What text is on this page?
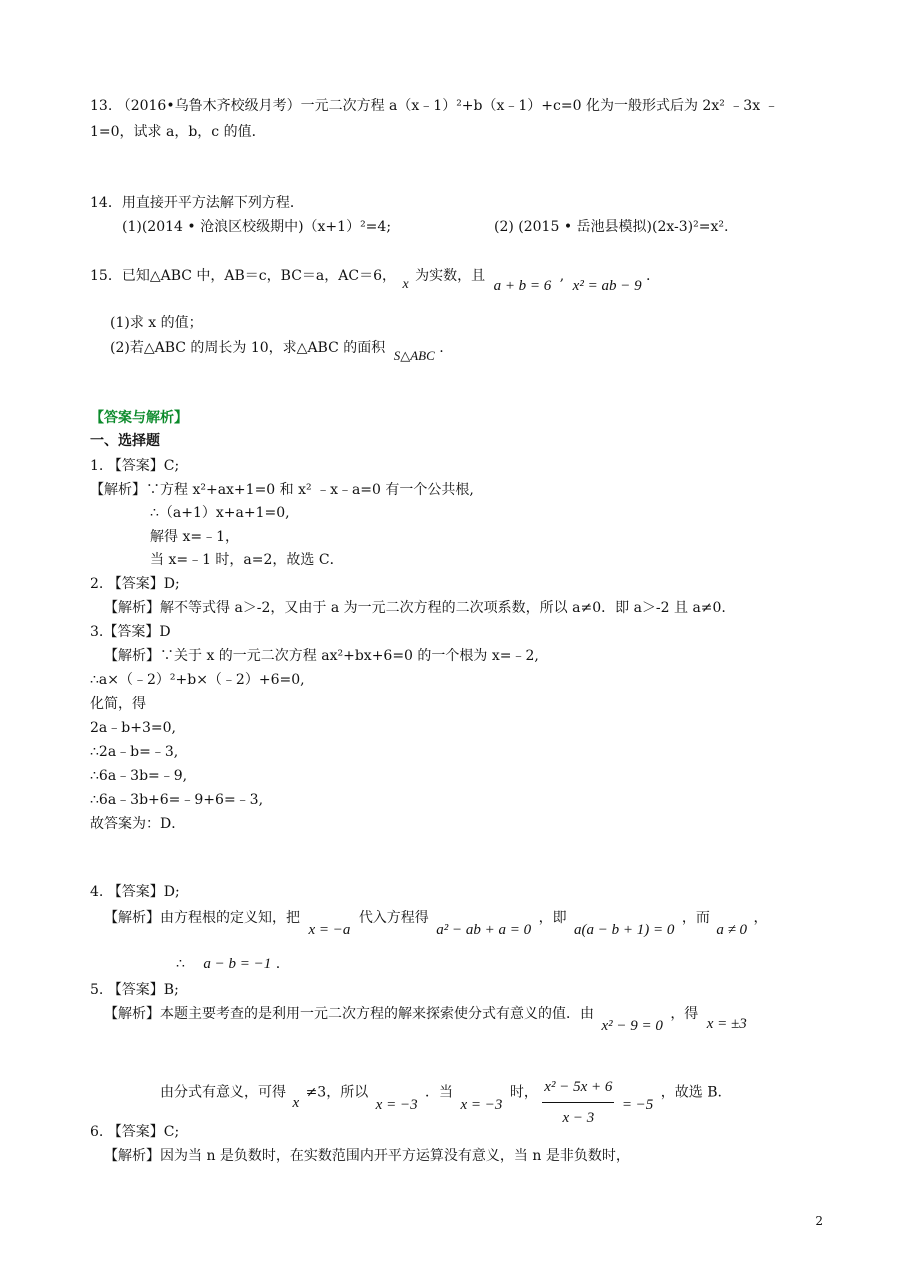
13. （2016•乌鲁木齐校级月考）一元二次方程 a（x﹣1）²+b（x﹣1）+c=0 化为一般形式后为 2x² ﹣3x ﹣
1=0，试求 a，b，c 的值．
14．用直接开平方法解下列方程．
(1)(2014 • 沧浪区校级期中)（x+1）²=4;	(2) (2015 • 岳池县模拟)(2x-3)²=x².
15．已知△ABC 中，AB＝c，BC＝a，AC＝6， x 为实数，且 a + b = 6 , x² = ab − 9 .
(1)求 x 的值；
(2)若△ABC 的周长为 10，求△ABC 的面积 S△ABC .
【答案与解析】
一、选择题
1. 【答案】C;
【解析】∵方程 x²+ax+1=0 和 x² ﹣x﹣a=0 有一个公共根,
∴（a+1）x+a+1=0,
解得 x=﹣1，
当 x=﹣1 时，a=2，故选 C．
2. 【答案】D;
【解析】解不等式得 a＞-2，又由于 a 为一元二次方程的二次项系数，所以 a≠0．即 a＞-2 且 a≠0.
3.【答案】D
【解析】∵关于 x 的一元二次方程 ax²+bx+6=0 的一个根为 x=﹣2,
∴a×（﹣2）²+b×（﹣2）+6=0,
化简，得
2a﹣b+3=0,
∴2a﹣b=﹣3,
∴6a﹣3b=﹣9,
∴6a﹣3b+6=﹣9+6=﹣3,
故答案为：D．
4. 【答案】D;
【解析】由方程根的定义知，把 x = −a 代入方程得 a² − ab + a = 0 ，即 a(a − b + 1) = 0 ，而 a ≠ 0 ，
∴ a − b = −1 .
5. 【答案】B;
【解析】本题主要考查的是利用一元二次方程的解来探索使分式有意义的值．由 x² − 9 = 0 ，得 x = ±3
由分式有意义，可得 x ≠3，所以 x = −3 ．当 x = −3 时， $\frac{\text{x² − 5x + 6}}{x - 3} = -5$ ，故选 B.
6. 【答案】C;
【解析】因为当 n 是负数时，在实数范围内开平方运算没有意义，当 n 是非负数时，
2
